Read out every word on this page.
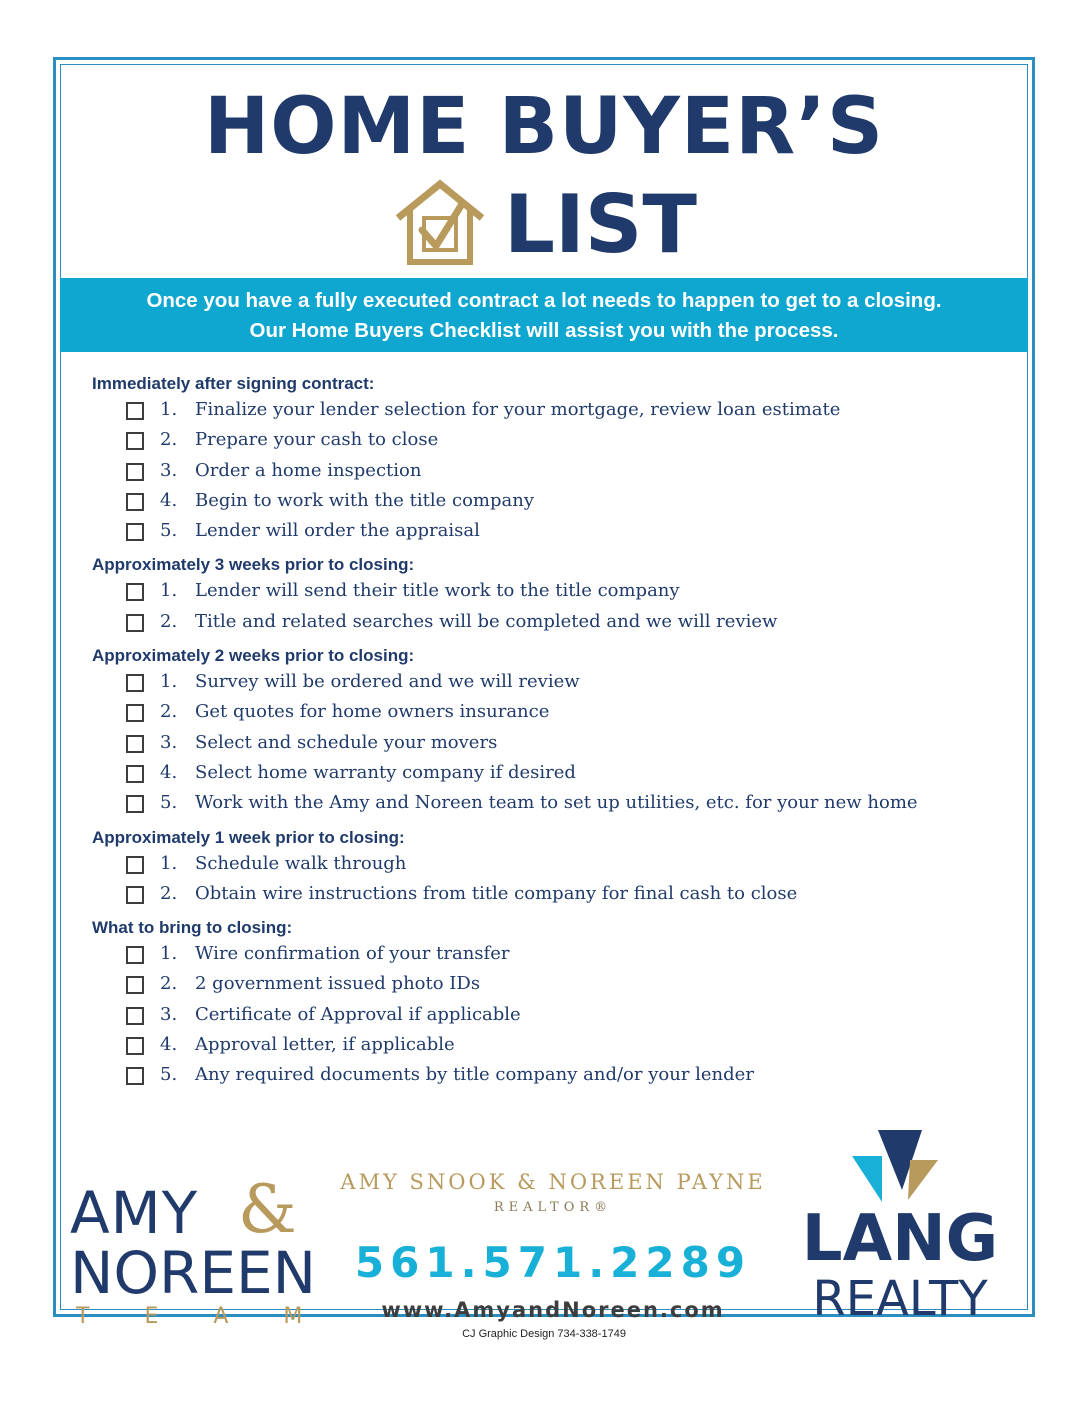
HOME BUYER’S
LIST
Once you have a fully executed contract a lot needs to happen to get to a closing.
Our Home Buyers Checklist will assist you with the process.
Immediately after signing contract:
1. Finalize your lender selection for your mortgage, review loan estimate
2. Prepare your cash to close
3. Order a home inspection
4. Begin to work with the title company
5. Lender will order the appraisal
Approximately 3 weeks prior to closing:
1. Lender will send their title work to the title company
2. Title and related searches will be completed and we will review
Approximately 2 weeks prior to closing:
1. Survey will be ordered and we will review
2. Get quotes for home owners insurance
3. Select and schedule your movers
4. Select home warranty company if desired
5. Work with the Amy and Noreen team to set up utilities, etc. for your new home
Approximately 1 week prior to closing:
1. Schedule walk through
2. Obtain wire instructions from title company for final cash to close
What to bring to closing:
1. Wire confirmation of your transfer
2. 2 government issued photo IDs
3. Certificate of Approval if applicable
4. Approval letter, if applicable
5. Any required documents by title company and/or your lender
AMY &
NOREEN
TEAM
AMY SNOOK & NOREEN PAYNE
REALTOR®
561.571.2289
www.AmyandNoreen.com
LANG
REALTY
CJ Graphic Design 734-338-1749
